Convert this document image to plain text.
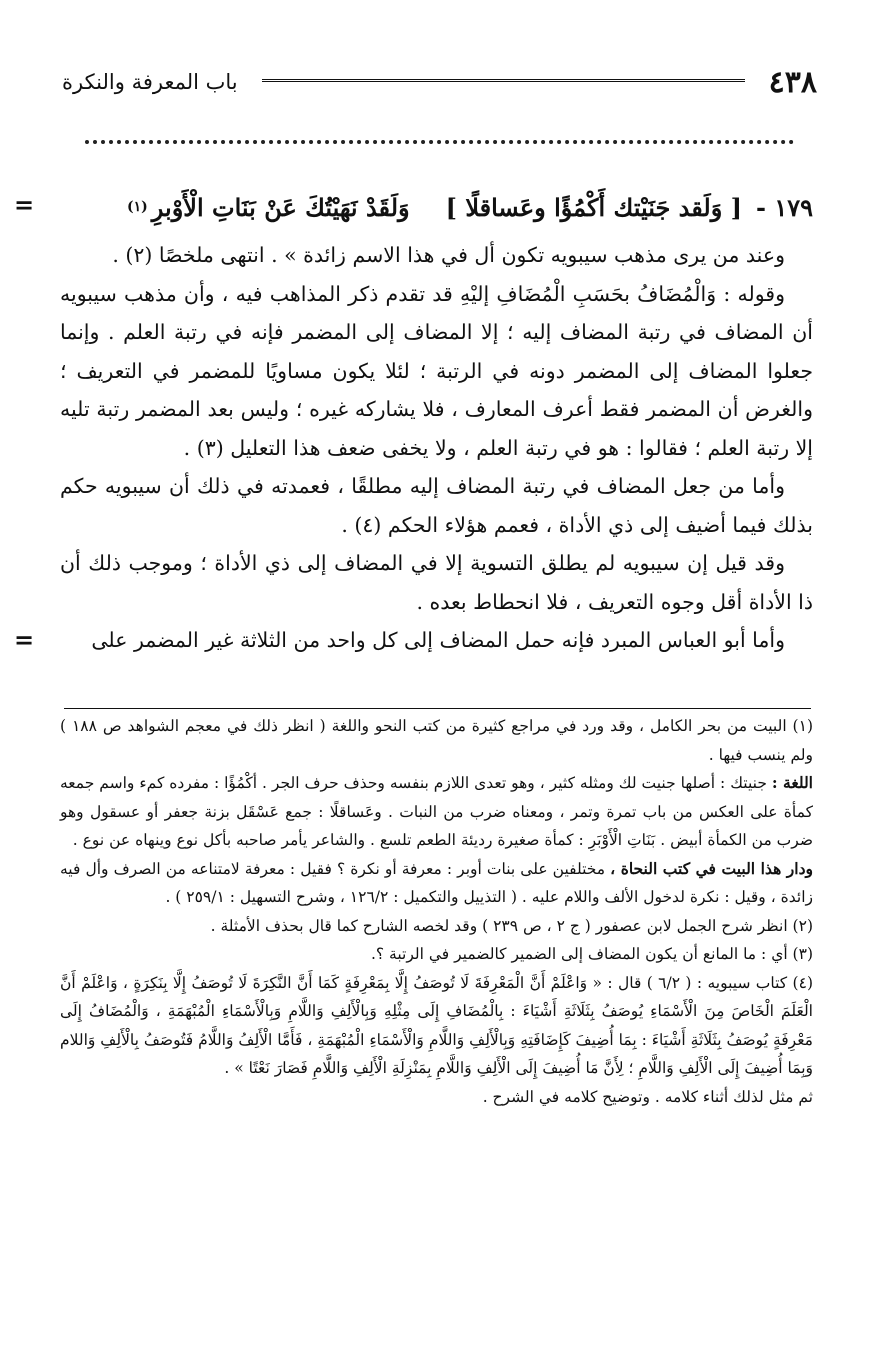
٤٣٨
باب المعرفة والنكرة
=	١٧٩ -
[ وَلَقد جَنَيْتك أَكْمُؤًا وعَساقلًا ]
وَلَقَدْ نَهَيْتُكَ عَنْ بَنَاتِ الْأَوْبرِ
(١)

وعند من يرى مذهب سيبويه تكون أل في هذا الاسم زائدة » . انتهى ملخصًا (٢) .

وقوله : وَالْمُضَافُ بحَسَبِ الْمُضَافِ إليْهِ قد تقدم ذكر المذاهب فيه ، وأن مذهب سيبويه أن المضاف في رتبة المضاف إليه ؛ إلا المضاف إلى المضمر فإنه في رتبة العلم . وإنما جعلوا المضاف إلى المضمر دونه في الرتبة ؛ لئلا يكون مساويًا للمضمر في التعريف ؛ والغرض أن المضمر فقط أعرف المعارف ، فلا يشاركه غيره ؛ وليس بعد المضمر رتبة تليه إلا رتبة العلم ؛ فقالوا : هو في رتبة العلم ، ولا يخفى ضعف هذا التعليل (٣) .

وأما من جعل المضاف في رتبة المضاف إليه مطلقًا ، فعمدته في ذلك أن سيبويه حكم بذلك فيما أضيف إلى ذي الأداة ، فعمم هؤلاء الحكم (٤) .

وقد قيل إن سيبويه لم يطلق التسوية إلا في المضاف إلى ذي الأداة ؛ وموجب ذلك أن ذا الأداة أقل وجوه التعريف ، فلا انحطاط بعده .

وأما أبو العباس المبرد فإنه حمل المضاف إلى كل واحد من الثلاثة غير المضمر على
=

(١) البيت من بحر الكامل ، وقد ورد في مراجع كثيرة من كتب النحو واللغة ( انظر ذلك في معجم الشواهد ص ١٨٨ ) ولم ينسب فيها .

اللغة : جنيتك : أصلها جنيت لك ومثله كثير ، وهو تعدى اللازم بنفسه وحذف حرف الجر . أكْمُؤًا : مفرده كمء واسم جمعه كمأة على العكس من باب تمرة وتمر ، ومعناه ضرب من النبات . وعَساقلًا : جمع عَسْقَل بزنة جعفر أو عسقول وهو ضرب من الكمأة أبيض . بَنَاتِ الْأَوْبَرِ : كمأة صغيرة رديئة الطعم تلسع . والشاعر يأمر صاحبه بأكل نوع وينهاه عن نوع .

ودار هذا البيت في كتب النحاة ، مختلفين على بنات أوبر : معرفة أو نكرة ؟ فقيل : معرفة لامتناعه من الصرف وأل فيه زائدة ، وقيل : نكرة لدخول الألف واللام عليه . ( التذييل والتكميل : ١٢٦/٢ ، وشرح التسهيل : ٢٥٩/١ ) .

(٢) انظر شرح الجمل لابن عصفور ( ج ٢ ، ص ٢٣٩ ) وقد لخصه الشارح كما قال بحذف الأمثلة .

(٣) أي : ما المانع أن يكون المضاف إلى الضمير كالضمير في الرتبة ؟.

(٤) كتاب سيبويه : ( ٦/٢ ) قال : « وَاعْلَمْ أَنَّ الْمَعْرِفَةَ لَا تُوصَفُ إِلَّا بِمَعْرِفَةٍ كَمَا أَنَّ النَّكِرَةَ لَا تُوصَفُ إِلَّا بِنَكِرَةٍ ، وَاعْلَمْ أَنَّ الْعَلَمَ الْخَاصَ مِنَ الْأَسْمَاءِ يُوصَفُ بِثَلَاثَةِ أَشْيَاءَ : بِالْمُضَافِ إِلَى مِثْلِهِ وَبِالْأَلِفِ وَاللَّامِ وَبِالْأَسْمَاءِ الْمُبْهَمَةِ ، وَالْمُضَافُ إِلَى مَعْرِفَةٍ يُوصَفُ بِثَلَاثَةِ أَشْيَاءَ : بِمَا أُضِيفَ كَإِضَافَتِهِ وَبِالْأَلِفِ وَاللَّامِ وَالْأَسْمَاءِ الْمُبْهَمَةِ ، فَأَمَّا الْأَلِفُ وَاللَّامُ فَتُوصَفُ بِالْأَلِفِ وَاللام وَبِمَا أُضِيفَ إِلَى الْأَلِفِ وَاللَّامِ ؛ لِأَنَّ مَا أُضِيفَ إِلَى الْأَلِفِ وَاللَّامِ بِمَنْزِلَةِ الْأَلِفِ وَاللَّامِ فَصَارَ نَعْتًا » .

ثم مثل لذلك أثناء كلامه . وتوضيح كلامه في الشرح .
